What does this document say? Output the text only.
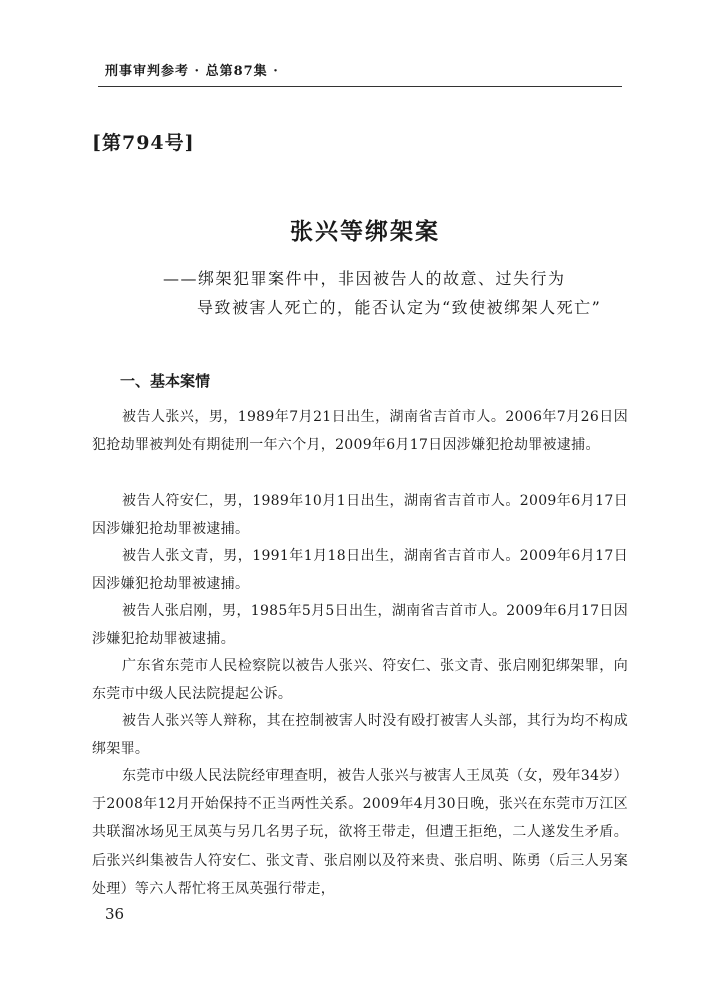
刑事审判参考 · 总第87集 ·
[第794号]
张兴等绑架案
——绑架犯罪案件中，非因被告人的故意、过失行为
导致被害人死亡的，能否认定为“致使被绑架人死亡”
一、基本案情
被告人张兴，男，1989年7月21日出生，湖南省吉首市人。2006年7月26日因犯抢劫罪被判处有期徒刑一年六个月，2009年6月17日因涉嫌犯抢劫罪被逮捕。
被告人符安仁，男，1989年10月1日出生，湖南省吉首市人。2009年6月17日因涉嫌犯抢劫罪被逮捕。
被告人张文青，男，1991年1月18日出生，湖南省吉首市人。2009年6月17日因涉嫌犯抢劫罪被逮捕。
被告人张启刚，男，1985年5月5日出生，湖南省吉首市人。2009年6月17日因涉嫌犯抢劫罪被逮捕。
广东省东莞市人民检察院以被告人张兴、符安仁、张文青、张启刚犯绑架罪，向东莞市中级人民法院提起公诉。
被告人张兴等人辩称，其在控制被害人时没有殴打被害人头部，其行为均不构成绑架罪。
东莞市中级人民法院经审理查明，被告人张兴与被害人王凤英（女，殁年34岁）于2008年12月开始保持不正当两性关系。2009年4月30日晚，张兴在东莞市万江区共联溜冰场见王凤英与另几名男子玩，欲将王带走，但遭王拒绝，二人遂发生矛盾。后张兴纠集被告人符安仁、张文青、张启刚以及符来贵、张启明、陈勇（后三人另案处理）等六人帮忙将王凤英强行带走，
36
